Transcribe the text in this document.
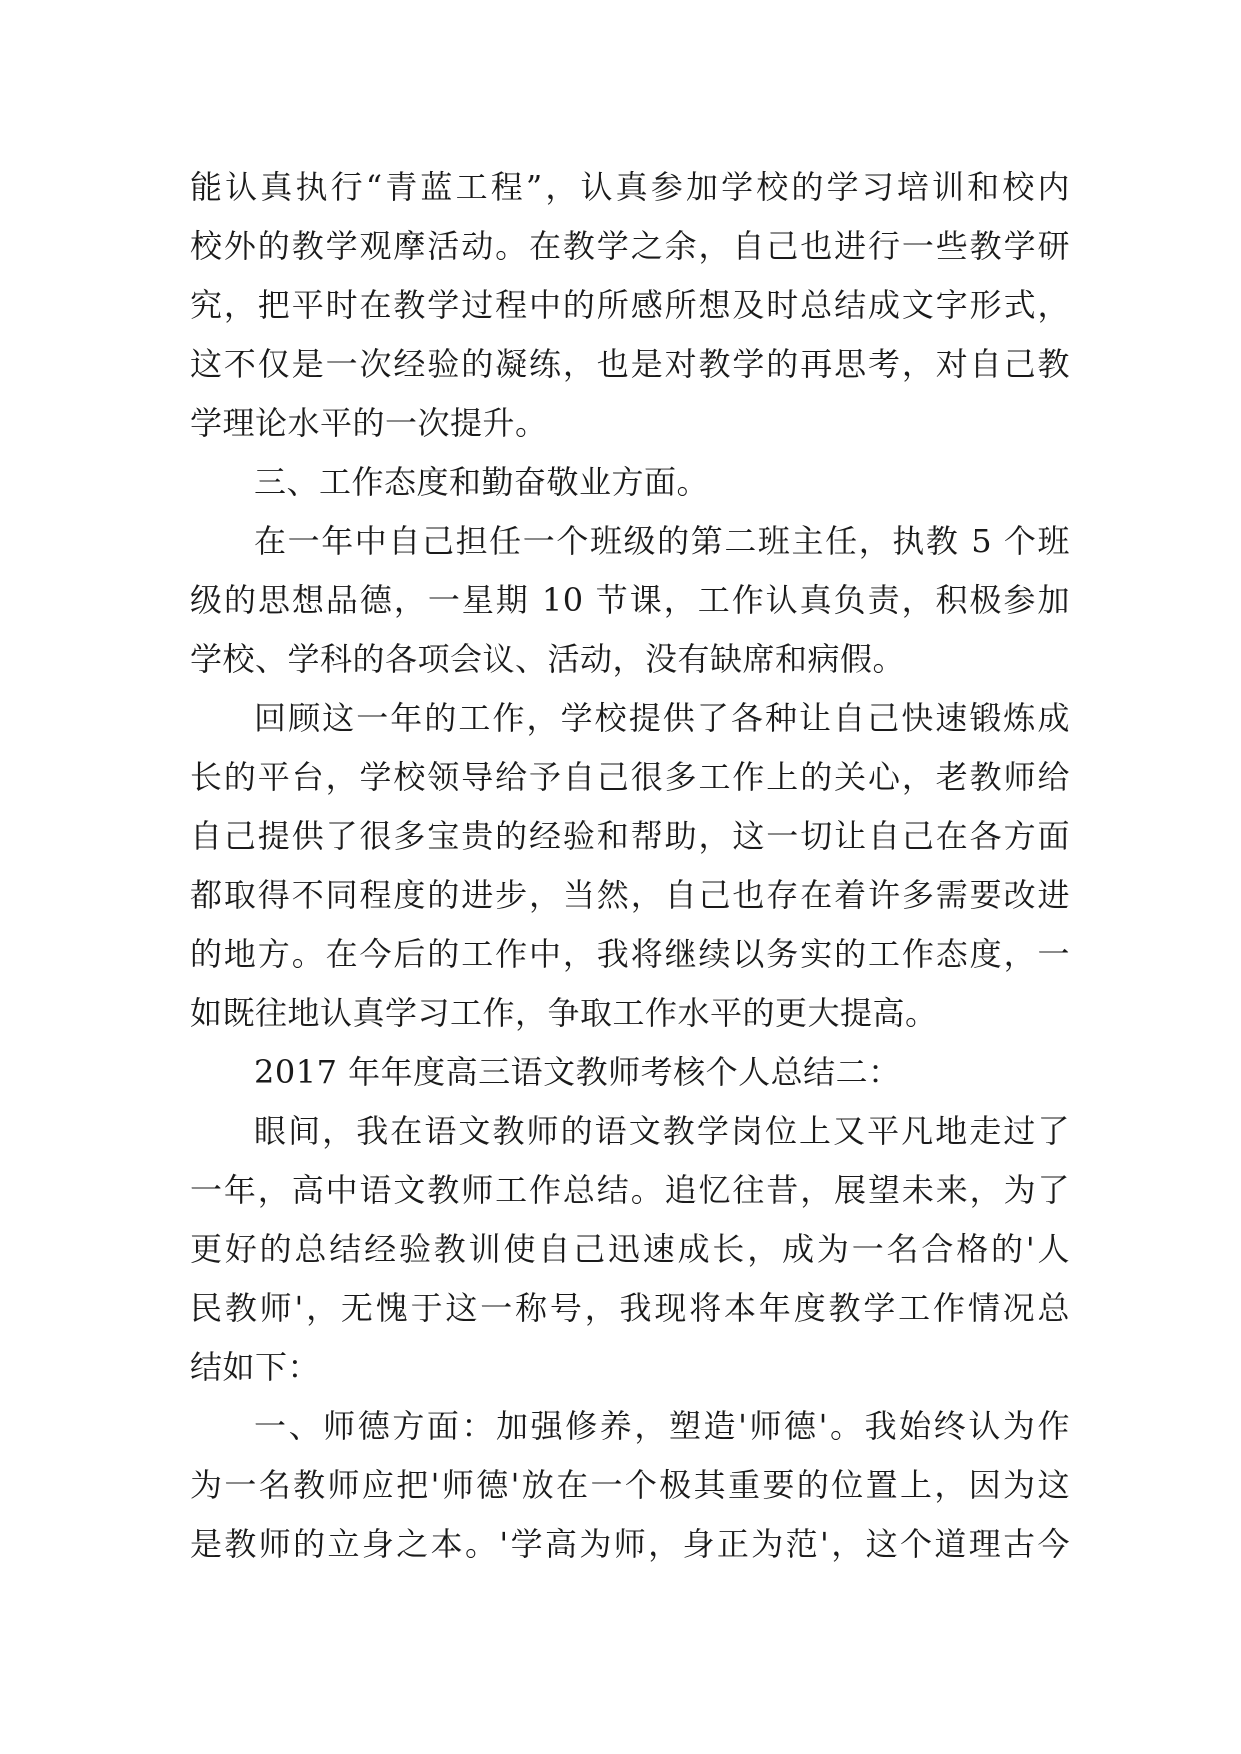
能认真执行“青蓝工程”，认真参加学校的学习培训和校内
校外的教学观摩活动。在教学之余，自己也进行一些教学研
究，把平时在教学过程中的所感所想及时总结成文字形式，
这不仅是一次经验的凝练，也是对教学的再思考，对自己教
学理论水平的一次提升。
三、工作态度和勤奋敬业方面。
在一年中自己担任一个班级的第二班主任，执教 5 个班
级的思想品德，一星期 10 节课，工作认真负责，积极参加
学校、学科的各项会议、活动，没有缺席和病假。
回顾这一年的工作，学校提供了各种让自己快速锻炼成
长的平台，学校领导给予自己很多工作上的关心，老教师给
自己提供了很多宝贵的经验和帮助，这一切让自己在各方面
都取得不同程度的进步，当然，自己也存在着许多需要改进
的地方。在今后的工作中，我将继续以务实的工作态度，一
如既往地认真学习工作，争取工作水平的更大提高。
2017 年年度高三语文教师考核个人总结二：
眼间，我在语文教师的语文教学岗位上又平凡地走过了
一年，高中语文教师工作总结。追忆往昔，展望未来，为了
更好的总结经验教训使自己迅速成长，成为一名合格的'人
民教师'，无愧于这一称号，我现将本年度教学工作情况总
结如下：
一、师德方面：加强修养，塑造'师德'。我始终认为作
为一名教师应把'师德'放在一个极其重要的位置上，因为这
是教师的立身之本。'学高为师，身正为范'，这个道理古今
